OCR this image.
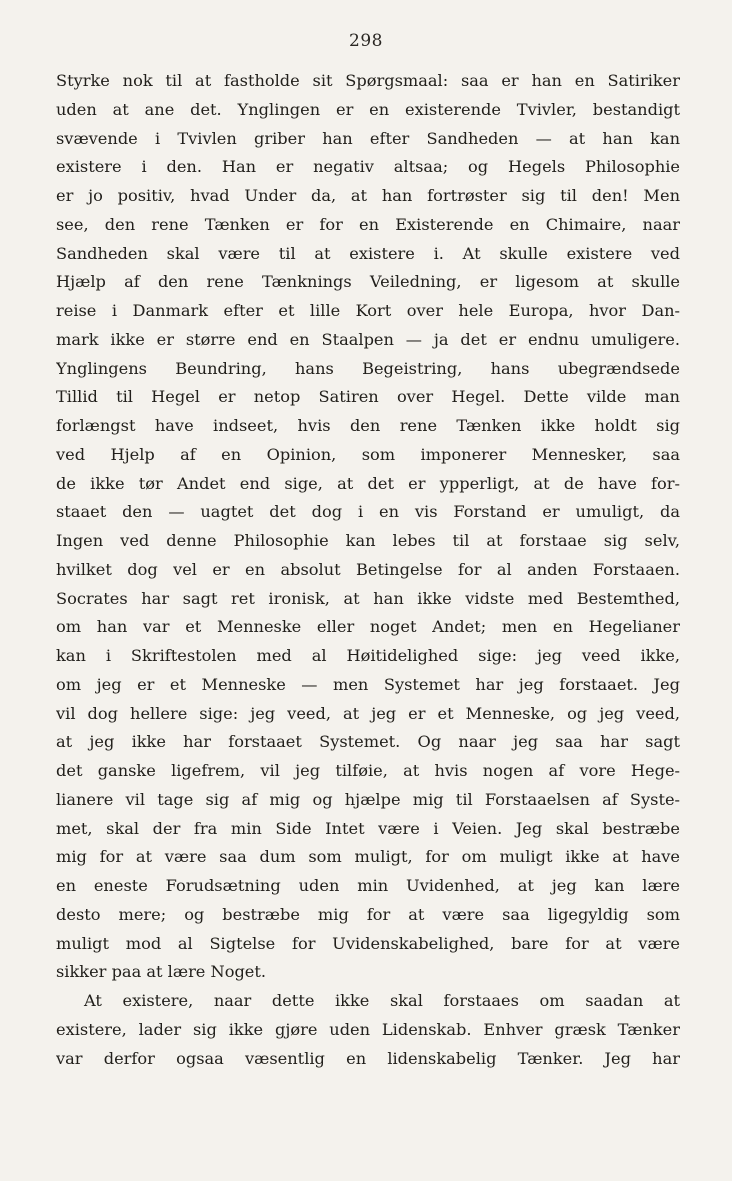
298
Styrke nok til at fastholde sit Spørgsmaal: saa er han en Satiriker
uden at ane det. Ynglingen er en existerende Tvivler, bestandigt
svævende i Tvivlen griber han efter Sandheden — at han kan
existere i den. Han er negativ altsaa; og Hegels Philosophie
er jo positiv, hvad Under da, at han fortrøster sig til den! Men
see, den rene Tænken er for en Existerende en Chimaire, naar
Sandheden skal være til at existere i. At skulle existere ved
Hjælp af den rene Tænknings Veiledning, er ligesom at skulle
reise i Danmark efter et lille Kort over hele Europa, hvor Dan-
mark ikke er større end en Staalpen — ja det er endnu umuligere.
Ynglingens Beundring, hans Begeistring, hans ubegrændsede
Tillid til Hegel er netop Satiren over Hegel. Dette vilde man
forlængst have indseet, hvis den rene Tænken ikke holdt sig
ved Hjelp af en Opinion, som imponerer Mennesker, saa
de ikke tør Andet end sige, at det er ypperligt, at de have for-
staaet den — uagtet det dog i en vis Forstand er umuligt, da
Ingen ved denne Philosophie kan lebes til at forstaae sig selv,
hvilket dog vel er en absolut Betingelse for al anden Forstaaen.
Socrates har sagt ret ironisk, at han ikke vidste med Bestemthed,
om han var et Menneske eller noget Andet; men en Hegelianer
kan i Skriftestolen med al Høitidelighed sige: jeg veed ikke,
om jeg er et Menneske — men Systemet har jeg forstaaet. Jeg
vil dog hellere sige: jeg veed, at jeg er et Menneske, og jeg veed,
at jeg ikke har forstaaet Systemet. Og naar jeg saa har sagt
det ganske ligefrem, vil jeg tilføie, at hvis nogen af vore Hege-
lianere vil tage sig af mig og hjælpe mig til Forstaaelsen af Syste-
met, skal der fra min Side Intet være i Veien. Jeg skal bestræbe
mig for at være saa dum som muligt, for om muligt ikke at have
en eneste Forudsætning uden min Uvidenhed, at jeg kan lære
desto mere; og bestræbe mig for at være saa ligegyldig som
muligt mod al Sigtelse for Uvidenskabelighed, bare for at være
sikker paa at lære Noget.
At existere, naar dette ikke skal forstaaes om saadan at
existere, lader sig ikke gjøre uden Lidenskab. Enhver græsk Tænker
var derfor ogsaa væsentlig en lidenskabelig Tænker. Jeg har
